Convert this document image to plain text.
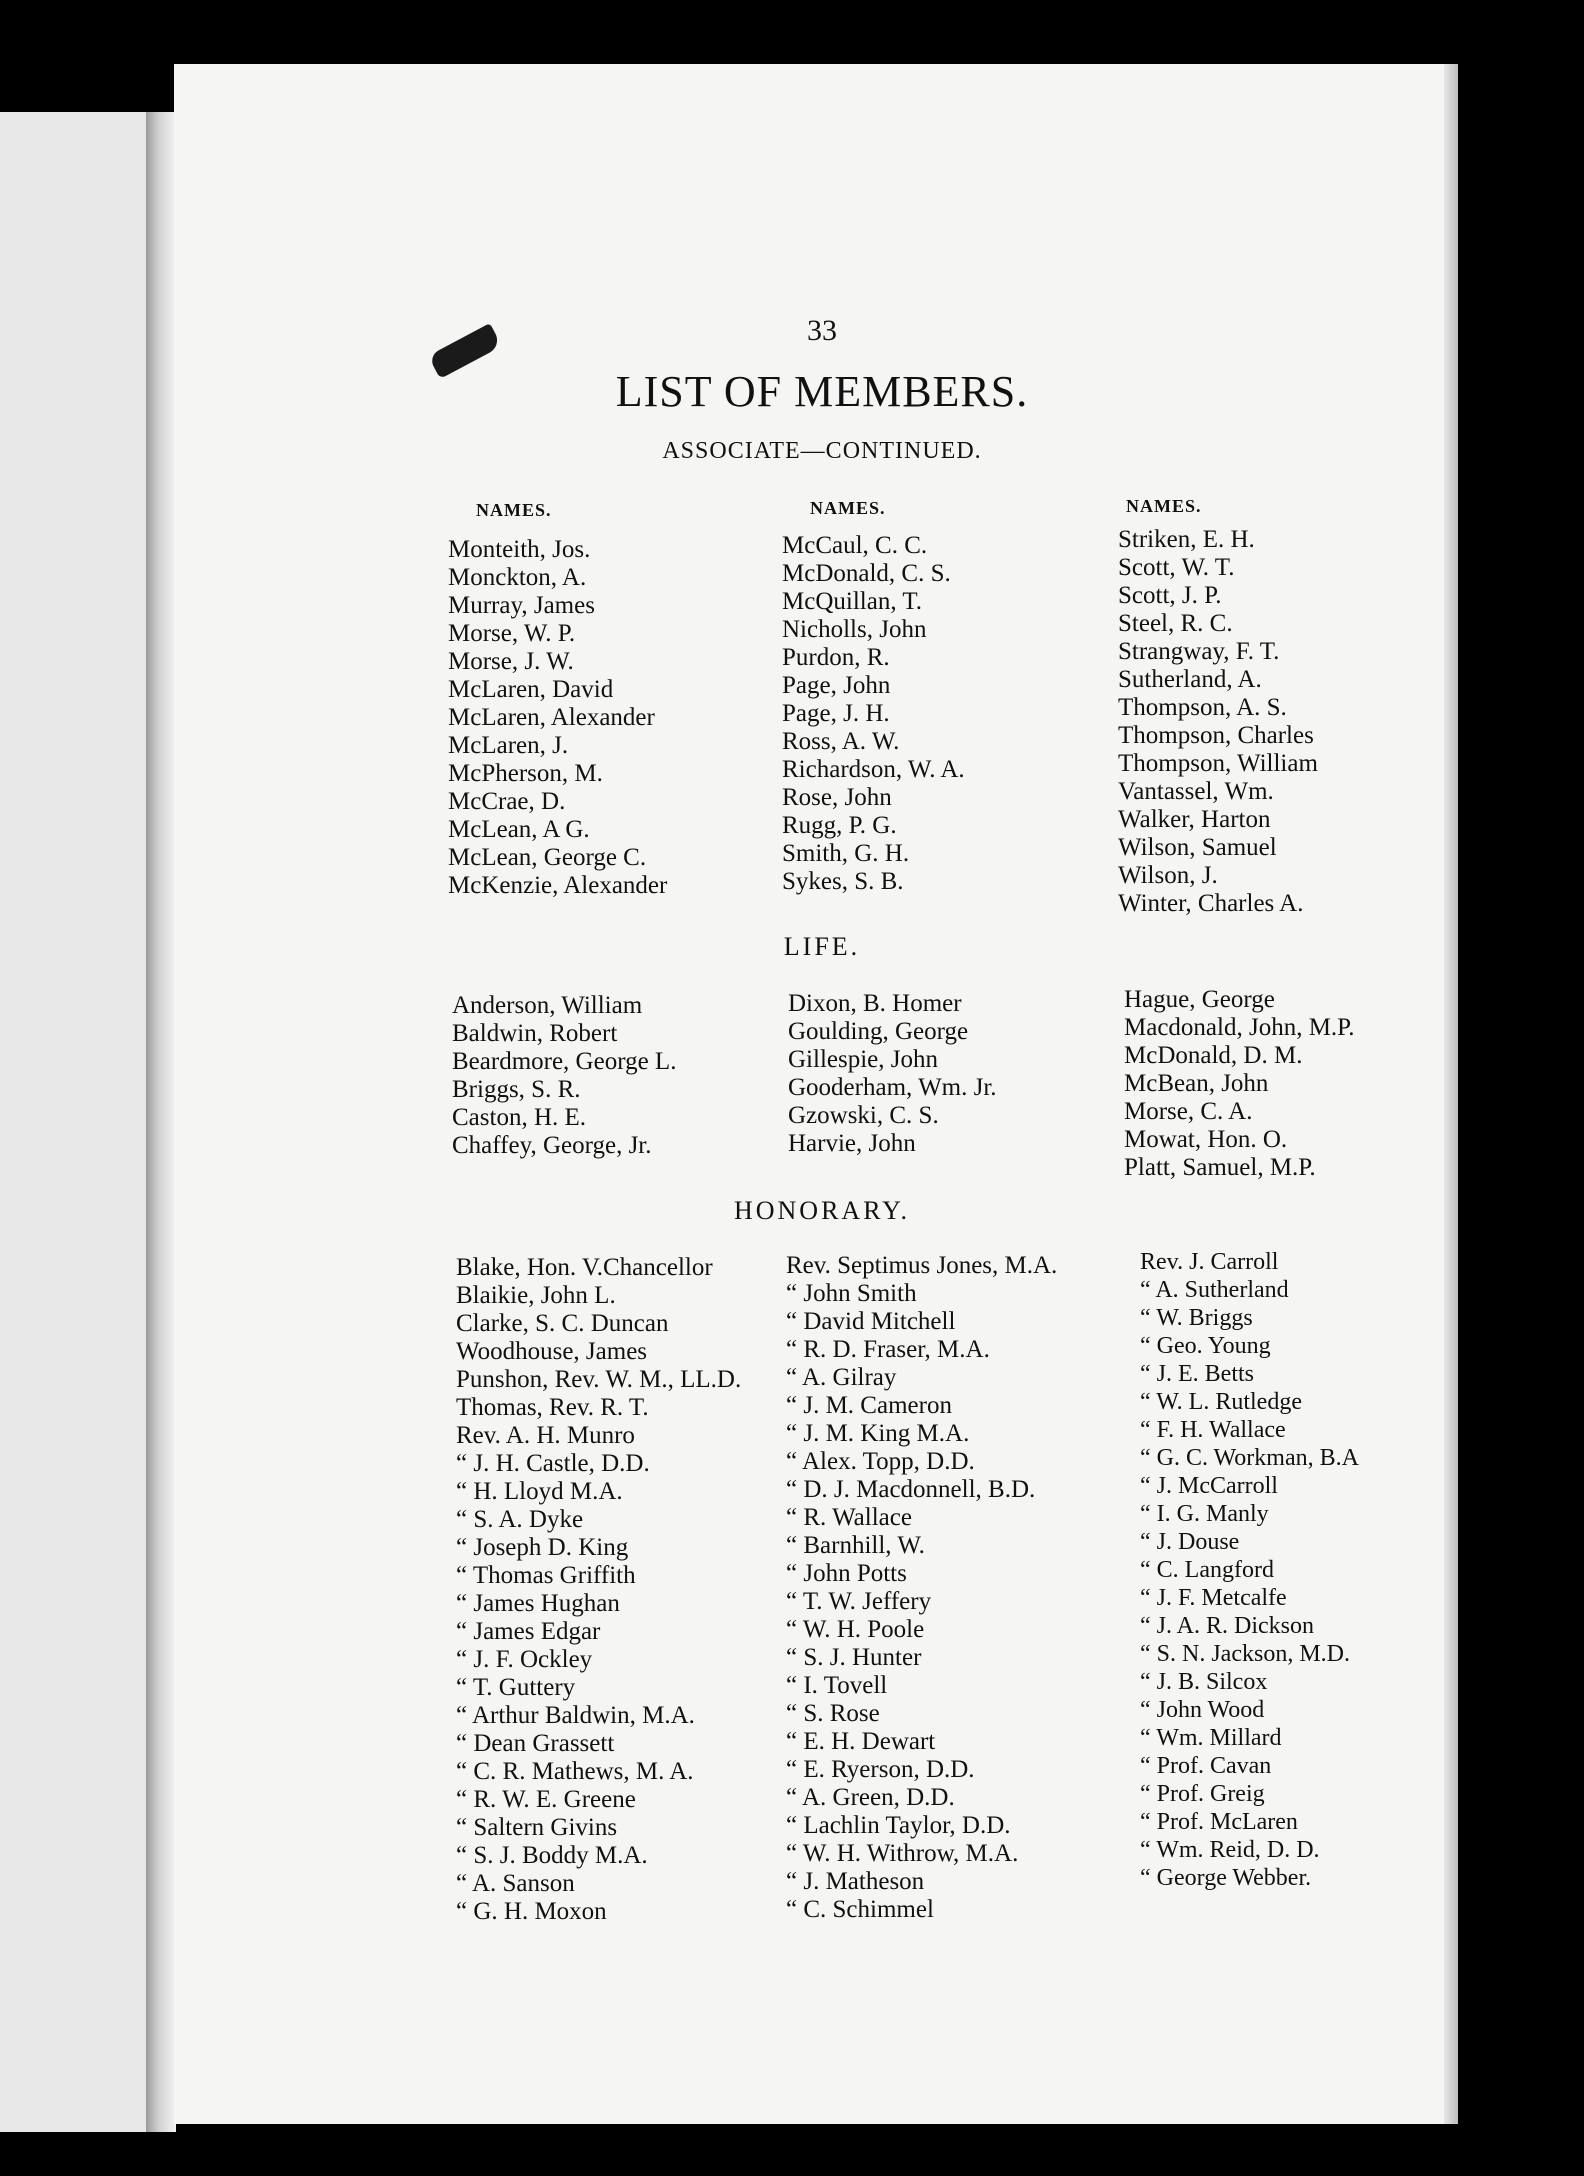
33
LIST OF MEMBERS.
ASSOCIATE—CONTINUED.
NAMES.	NAMES.	NAMES.
Monteith, Jos.
Monckton, A.
Murray, James
Morse, W. P.
Morse, J. W.
McLaren, David
McLaren, Alexander
McLaren, J.
McPherson, M.
McCrae, D.
McLean, A G.
McLean, George C.
McKenzie, Alexander
McCaul, C. C.
McDonald, C. S.
McQuillan, T.
Nicholls, John
Purdon, R.
Page, John
Page, J. H.
Ross, A. W.
Richardson, W. A.
Rose, John
Rugg, P. G.
Smith, G. H.
Sykes, S. B.
Striken, E. H.
Scott, W. T.
Scott, J. P.
Steel, R. C.
Strangway, F. T.
Sutherland, A.
Thompson, A. S.
Thompson, Charles
Thompson, William
Vantassel, Wm.
Walker, Harton
Wilson, Samuel
Wilson, J.
Winter, Charles A.
LIFE.
Anderson, William
Baldwin, Robert
Beardmore, George L.
Briggs, S. R.
Caston, H. E.
Chaffey, George, Jr.
Dixon, B. Homer
Goulding, George
Gillespie, John
Gooderham, Wm. Jr.
Gzowski, C. S.
Harvie, John
Hague, George
Macdonald, John, M.P.
McDonald, D. M.
McBean, John
Morse, C. A.
Mowat, Hon. O.
Platt, Samuel, M.P.
HONORARY.
Blake, Hon. V.Chancellor
Blaikie, John L.
Clarke, S. C. Duncan
Woodhouse, James
Punshon, Rev. W. M., LL.D.
Thomas, Rev. R. T.
Rev. A. H. Munro
“ J. H. Castle, D.D.
“ H. Lloyd M.A.
“ S. A. Dyke
“ Joseph D. King
“ Thomas Griffith
“ James Hughan
“ James Edgar
“ J. F. Ockley
“ T. Guttery
“ Arthur Baldwin, M.A.
“ Dean Grassett
“ C. R. Mathews, M. A.
“ R. W. E. Greene
“ Saltern Givins
“ S. J. Boddy M.A.
“ A. Sanson
“ G. H. Moxon
Rev. Septimus Jones, M.A.
“ John Smith
“ David Mitchell
“ R. D. Fraser, M.A.
“ A. Gilray
“ J. M. Cameron
“ J. M. King M.A.
“ Alex. Topp, D.D.
“ D. J. Macdonnell, B.D.
“ R. Wallace
“ Barnhill, W.
“ John Potts
“ T. W. Jeffery
“ W. H. Poole
“ S. J. Hunter
“ I. Tovell
“ S. Rose
“ E. H. Dewart
“ E. Ryerson, D.D.
“ A. Green, D.D.
“ Lachlin Taylor, D.D.
“ W. H. Withrow, M.A.
“ J. Matheson
“ C. Schimmel
Rev. J. Carroll
“ A. Sutherland
“ W. Briggs
“ Geo. Young
“ J. E. Betts
“ W. L. Rutledge
“ F. H. Wallace
“ G. C. Workman, B.A
“ J. McCarroll
“ I. G. Manly
“ J. Douse
“ C. Langford
“ J. F. Metcalfe
“ J. A. R. Dickson
“ S. N. Jackson, M.D.
“ J. B. Silcox
“ John Wood
“ Wm. Millard
“ Prof. Cavan
“ Prof. Greig
“ Prof. McLaren
“ Wm. Reid, D. D.
“ George Webber.
